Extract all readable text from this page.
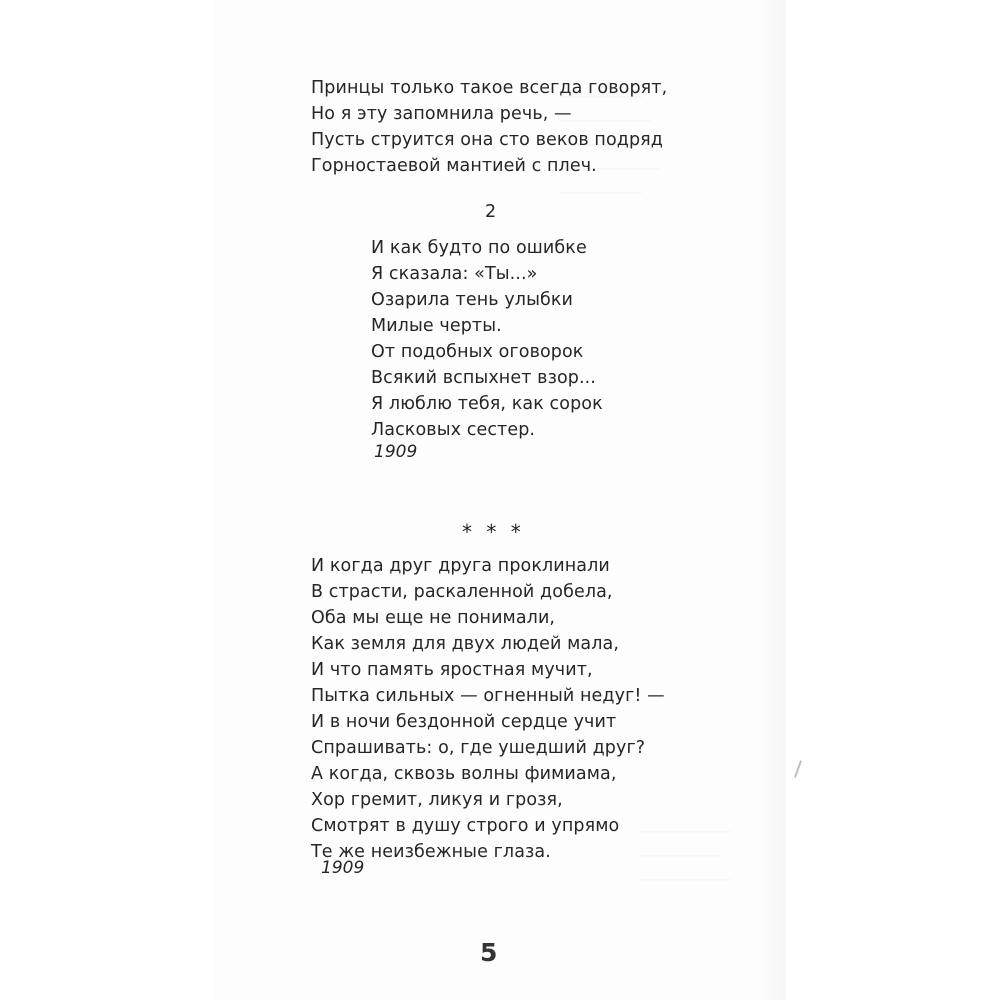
Принцы только такое всегда говорят,
Но я эту запомнила речь, —
Пусть струится она сто веков подряд
Горностаевой мантией с плеч.
2
И как будто по ошибке
Я сказала: «Ты...»
Озарила тень улыбки
Милые черты.
От подобных оговорок
Всякий вспыхнет взор...
Я люблю тебя, как сорок
Ласковых сестер.
1909
* * *
И когда друг друга проклинали
В страсти, раскаленной добела,
Оба мы еще не понимали,
Как земля для двух людей мала,
И что память яростная мучит,
Пытка сильных — огненный недуг! —
И в ночи бездонной сердце учит
Спрашивать: о, где ушедший друг?
А когда, сквозь волны фимиама,
Хор гремит, ликуя и грозя,
Смотрят в душу строго и упрямо
Те же неизбежные глаза.
1909
5
